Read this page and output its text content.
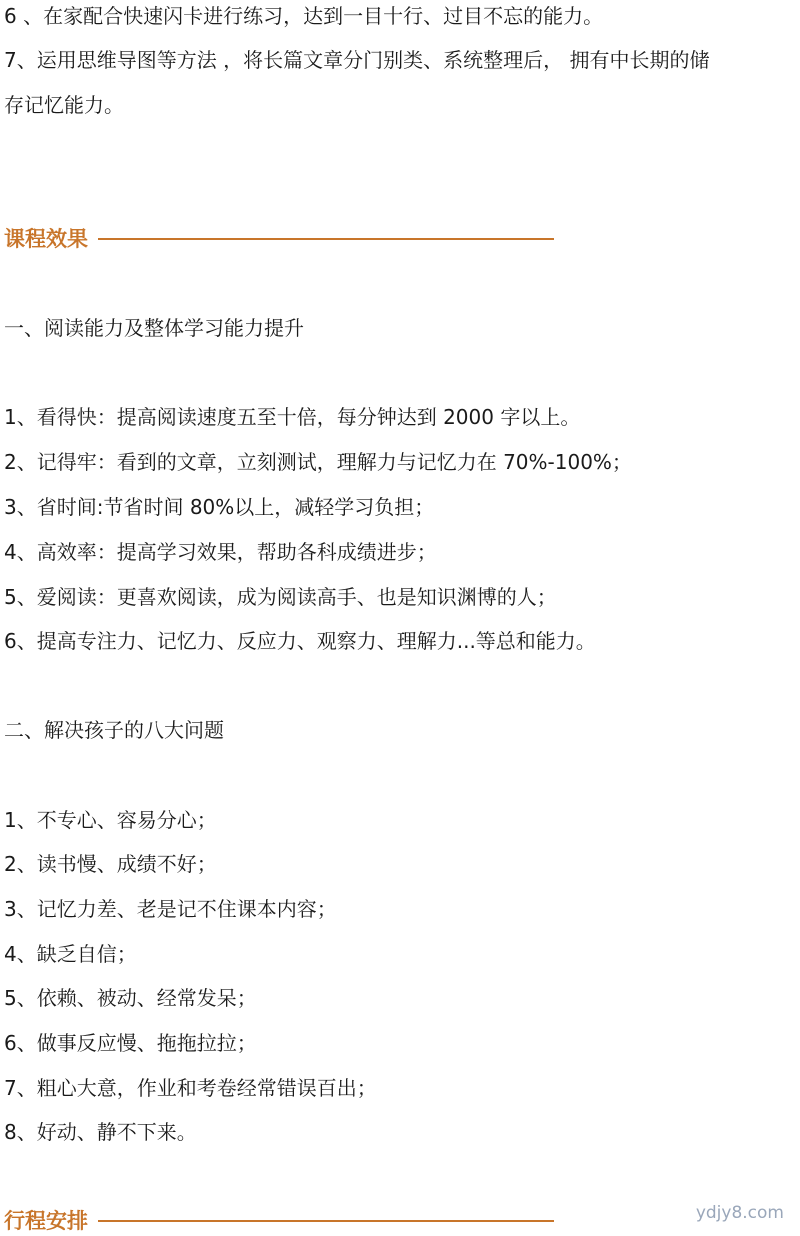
6 、在家配合快速闪卡进行练习，达到一目十行、过目不忘的能力。
7、运用思维导图等方法 ，将长篇文章分门别类、系统整理后， 拥有中长期的储
存记忆能力。
课程效果
一、阅读能力及整体学习能力提升
1、看得快：提高阅读速度五至十倍，每分钟达到 2000 字以上。
2、记得牢：看到的文章，立刻测试，理解力与记忆力在 70%-100%；
3、省时间:节省时间 80%以上，减轻学习负担；
4、高效率：提高学习效果，帮助各科成绩进步；
5、爱阅读：更喜欢阅读，成为阅读高手、也是知识渊博的人；
6、提高专注力、记忆力、反应力、观察力、理解力...等总和能力。
二、解决孩子的八大问题
1、不专心、容易分心；
2、读书慢、成绩不好；
3、记忆力差、老是记不住课本内容；
4、缺乏自信；
5、依赖、被动、经常发呆；
6、做事反应慢、拖拖拉拉；
7、粗心大意，作业和考卷经常错误百出；
8、好动、静不下来。
行程安排	ydjy8.com
